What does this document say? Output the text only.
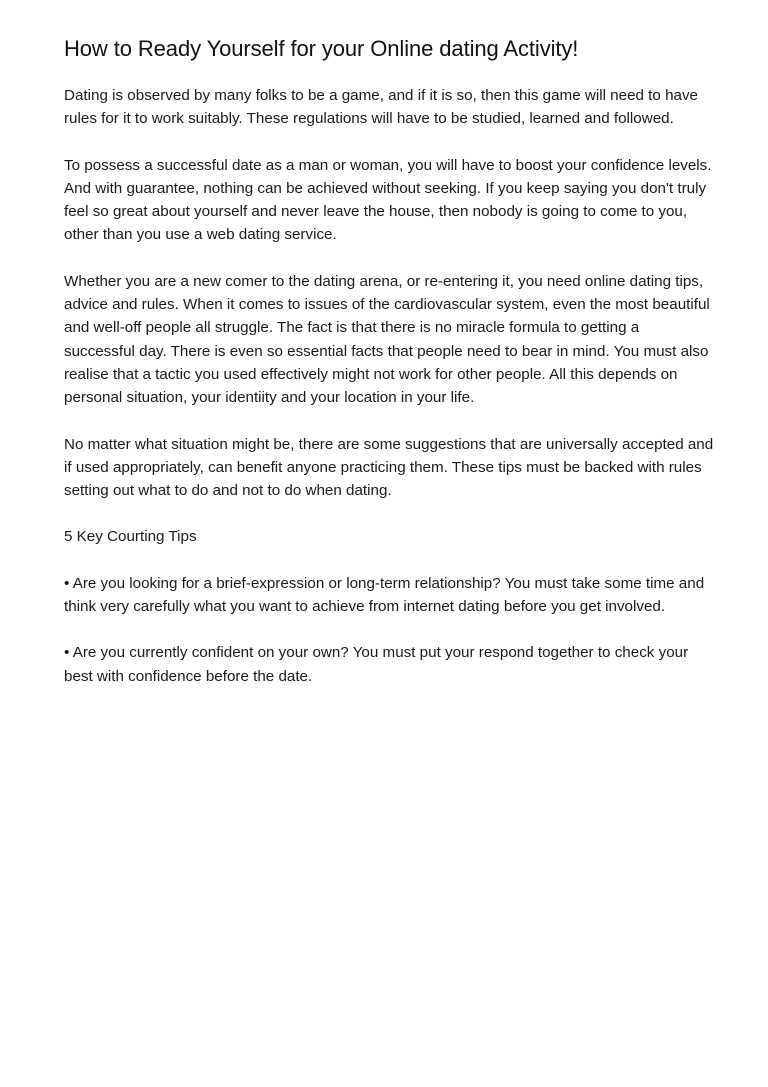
How to Ready Yourself for your Online dating Activity!

Dating is observed by many folks to be a game, and if it is so, then this game will need to have rules for it to work suitably. These regulations will have to be studied, learned and followed.

To possess a successful date as a man or woman, you will have to boost your confidence levels. And with guarantee, nothing can be achieved without seeking. If you keep saying you don't truly feel so great about yourself and never leave the house, then nobody is going to come to you, other than you use a web dating service.

Whether you are a new comer to the dating arena, or re-entering it, you need online dating tips, advice and rules. When it comes to issues of the cardiovascular system, even the most beautiful and well-off people all struggle. The fact is that there is no miracle formula to getting a successful day. There is even so essential facts that people need to bear in mind. You must also realise that a tactic you used effectively might not work for other people. All this depends on personal situation, your identiity and your location in your life.

No matter what situation might be, there are some suggestions that are universally accepted and if used appropriately, can benefit anyone practicing them. These tips must be backed with rules setting out what to do and not to do when dating.

5 Key Courting Tips

• Are you looking for a brief-expression or long-term relationship? You must take some time and think very carefully what you want to achieve from internet dating before you get involved.

• Are you currently confident on your own? You must put your respond together to check your best with confidence before the date.
